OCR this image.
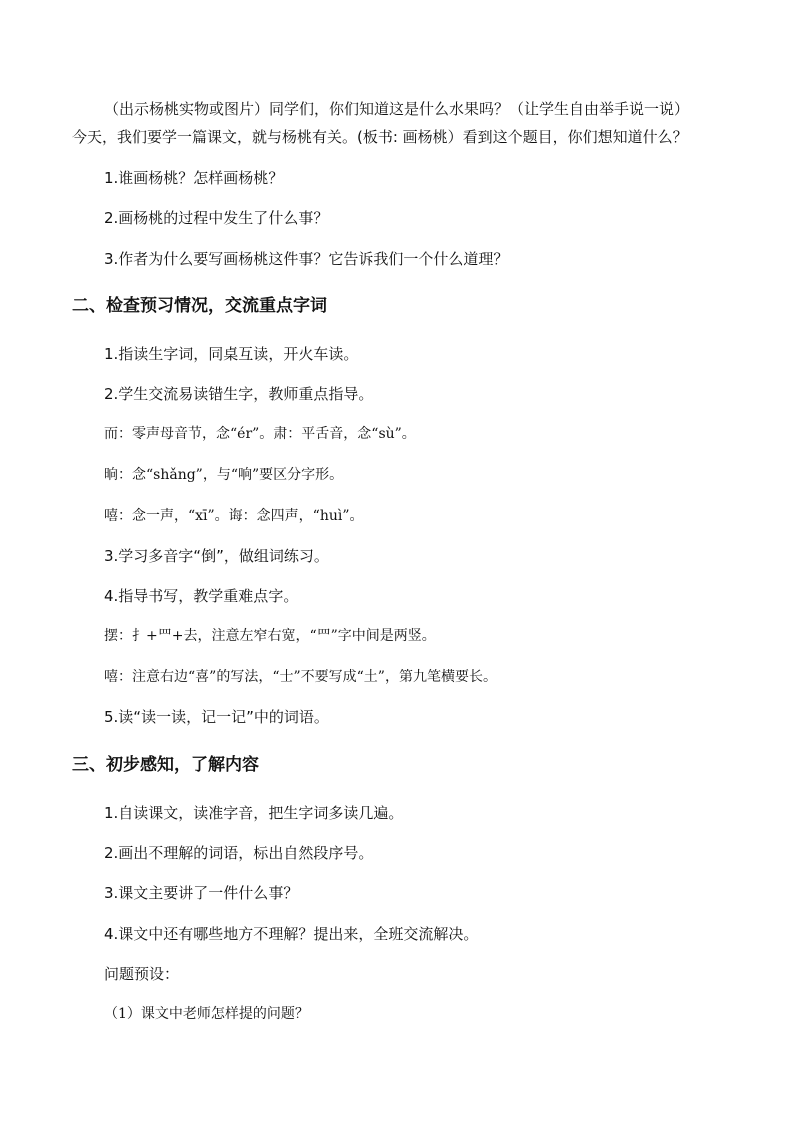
（出示杨桃实物或图片）同学们，你们知道这是什么水果吗？（让学生自由举手说一说）
今天，我们要学一篇课文，就与杨桃有关。(板书: 画杨桃）看到这个题目，你们想知道什么？
1.谁画杨桃？怎样画杨桃？
2.画杨桃的过程中发生了什么事？
3.作者为什么要写画杨桃这件事？它告诉我们一个什么道理？
二、检查预习情况，交流重点字词
1.指读生字词，同桌互读，开火车读。
2.学生交流易读错生字，教师重点指导。
而：零声母音节，念“ér”。肃：平舌音，念“sù”。
晌：念“shǎng”，与“响”要区分字形。
嘻：念一声，“xī”。诲：念四声，“huì”。
3.学习多音字“倒”，做组词练习。
4.指导书写，教学重难点字。
摆：扌+罒+去，注意左窄右宽，“罒”字中间是两竖。
嘻：注意右边“喜”的写法，“士”不要写成“土”，第九笔横要长。
5.读“读一读，记一记”中的词语。
三、初步感知，了解内容
1.自读课文，读准字音，把生字词多读几遍。
2.画出不理解的词语，标出自然段序号。
3.课文主要讲了一件什么事？
4.课文中还有哪些地方不理解？提出来，全班交流解决。
问题预设：
（1）课文中老师怎样提的问题？
